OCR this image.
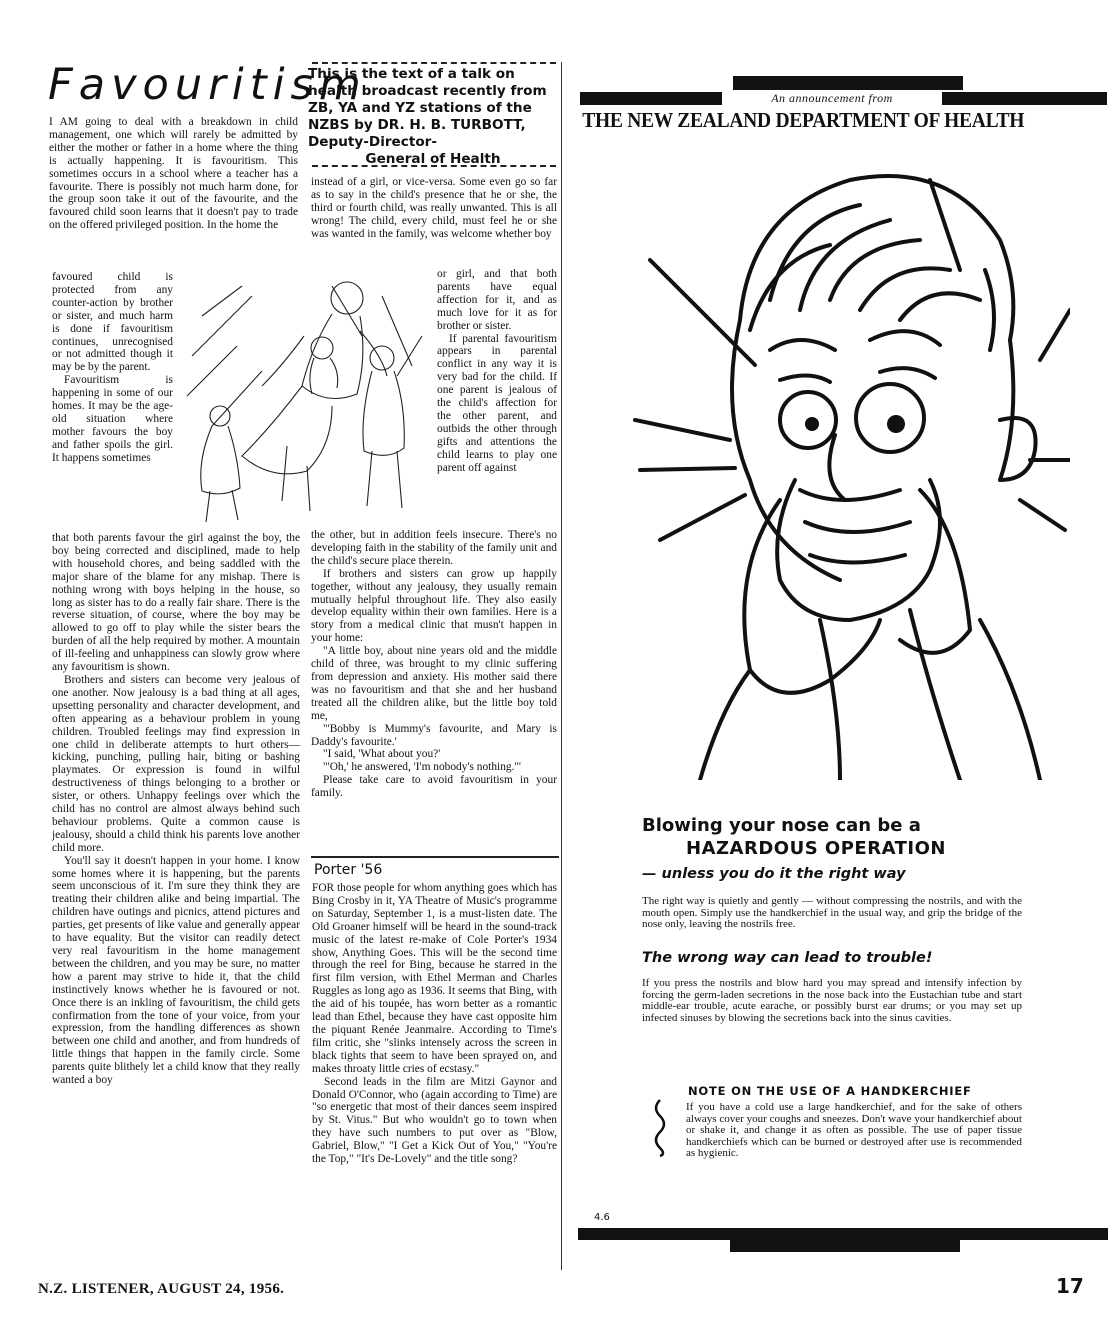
Favouritism
This is the text of a talk on health broadcast recently from ZB, YA and YZ stations of the NZBS by DR. H. B. TURBOTT, Deputy-Director-
General of Health

I AM going to deal with a breakdown in child management, one which will rarely be admitted by either the mother or father in a home where the thing is actually happening. It is favouritism. This sometimes occurs in a school where a teacher has a favourite. There is possibly not much harm done, for the group soon take it out of the favourite, and the favoured child soon learns that it doesn't pay to trade on the offered privileged position. In the home the

favoured child is protected from any counter-action by brother or sister, and much harm is done if favouritism continues, unrecognised or not admitted though it may be by the parent.

Favouritism is happening in some of our homes. It may be the age-old situation where mother favours the boy and father spoils the girl. It happens sometimes

that both parents favour the girl against the boy, the boy being corrected and disciplined, made to help with household chores, and being saddled with the major share of the blame for any mishap. There is nothing wrong with boys helping in the house, so long as sister has to do a really fair share. There is the reverse situation, of course, where the boy may be allowed to go off to play while the sister bears the burden of all the help required by mother. A mountain of ill-feeling and unhappiness can slowly grow where any favouritism is shown.

Brothers and sisters can become very jealous of one another. Now jealousy is a bad thing at all ages, upsetting personality and character development, and often appearing as a behaviour problem in young children. Troubled feelings may find expression in one child in deliberate attempts to hurt others—kicking, punching, pulling hair, biting or bashing playmates. Or expression is found in wilful destructiveness of things belonging to a brother or sister, or others. Unhappy feelings over which the child has no control are almost always behind such behaviour problems. Quite a common cause is jealousy, should a child think his parents love another child more.

You'll say it doesn't happen in your home. I know some homes where it is happening, but the parents seem unconscious of it. I'm sure they think they are treating their children alike and being impartial. The children have outings and picnics, attend pictures and parties, get presents of like value and generally appear to have equality. But the visitor can readily detect very real favouritism in the home management between the children, and you may be sure, no matter how a parent may strive to hide it, that the child instinctively knows whether he is favoured or not. Once there is an inkling of favouritism, the child gets confirmation from the tone of your voice, from your expression, from the handling differences as shown between one child and another, and from hundreds of little things that happen in the family circle. Some parents quite blithely let a child know that they really wanted a boy

instead of a girl, or vice-versa. Some even go so far as to say in the child's presence that he or she, the third or fourth child, was really unwanted. This is all wrong! The child, every child, must feel he or she was wanted in the family, was welcome whether boy

or girl, and that both parents have equal affection for it, and as much love for it as for brother or sister.

If parental favouritism appears in parental conflict in any way it is very bad for the child. If one parent is jealous of the child's affection for the other parent, and outbids the other through gifts and attentions the child learns to play one parent off against

the other, but in addition feels insecure. There's no developing faith in the stability of the family unit and the child's secure place therein.

If brothers and sisters can grow up happily together, without any jealousy, they usually remain mutually helpful throughout life. They also easily develop equality within their own families. Here is a story from a medical clinic that musn't happen in your home:

"A little boy, about nine years old and the middle child of three, was brought to my clinic suffering from depression and anxiety. His mother said there was no favouritism and that she and her husband treated all the children alike, but the little boy told me,

"'Bobby is Mummy's favourite, and Mary is Daddy's favourite.'

"I said, 'What about you?'

"'Oh,' he answered, 'I'm nobody's nothing.'"

Please take care to avoid favouritism in your family.

Porter '56

FOR those people for whom anything goes which has Bing Crosby in it, YA Theatre of Music's programme on Saturday, September 1, is a must-listen date. The Old Groaner himself will be heard in the sound-track music of the latest re-make of Cole Porter's 1934 show, Anything Goes. This will be the second time through the reel for Bing, because he starred in the first film version, with Ethel Merman and Charles Ruggles as long ago as 1936. It seems that Bing, with the aid of his toupée, has worn better as a romantic lead than Ethel, because they have cast opposite him the piquant Renée Jeanmaire. According to Time's film critic, she "slinks intensely across the screen in black tights that seem to have been sprayed on, and makes throaty little cries of ecstasy."

Second leads in the film are Mitzi Gaynor and Donald O'Connor, who (again according to Time) are "so energetic that most of their dances seem inspired by St. Vitus." But who wouldn't go to town when they have such numbers to put over as "Blow, Gabriel, Blow," "I Get a Kick Out of You," "You're the Top," "It's De-Lovely" and the title song?

An announcement from
THE NEW ZEALAND DEPARTMENT OF HEALTH
Blowing your nose can be a
HAZARDOUS OPERATION
— unless you do it the right way
The right way is quietly and gently — without compressing the nostrils, and with the mouth open. Simply use the handkerchief in the usual way, and grip the bridge of the nose only, leaving the nostrils free.
The wrong way can lead to trouble!
If you press the nostrils and blow hard you may spread and intensify infection by forcing the germ-laden secretions in the nose back into the Eustachian tube and start middle-ear trouble, acute earache, or possibly burst ear drums; or you may set up infected sinuses by blowing the secretions back into the sinus cavities.
NOTE ON THE USE OF A HANDKERCHIEF
If you have a cold use a large handkerchief, and for the sake of others always cover your coughs and sneezes. Don't wave your handkerchief about or shake it, and change it as often as possible. The use of paper tissue handkerchiefs which can be burned or destroyed after use is recommended as hygienic.
4.6
N.Z. LISTENER, AUGUST 24, 1956.	17
